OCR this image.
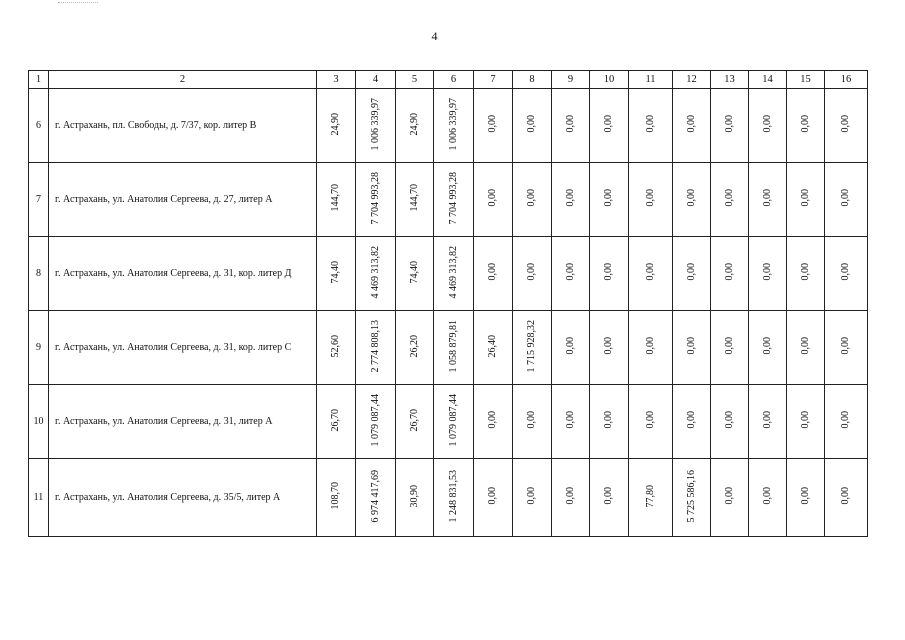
4
1	2	3	4	5	6	7	8	9	10	11	12	13	14	15	16
6	г. Астрахань, пл. Свободы, д. 7/37, кор. литер В	24,90	1 006 339,97	24,90	1 006 339,97	0,00	0,00	0,00	0,00	0,00	0,00	0,00	0,00	0,00	0,00
7	г. Астрахань, ул. Анатолия Сергеева, д. 27, литер А	144,70	7 704 993,28	144,70	7 704 993,28	0,00	0,00	0,00	0,00	0,00	0,00	0,00	0,00	0,00	0,00
8	г. Астрахань, ул. Анатолия Сергеева, д. 31, кор. литер Д	74,40	4 469 313,82	74,40	4 469 313,82	0,00	0,00	0,00	0,00	0,00	0,00	0,00	0,00	0,00	0,00
9	г. Астрахань, ул. Анатолия Сергеева, д. 31, кор. литер С	52,60	2 774 808,13	26,20	1 058 879,81	26,40	1 715 928,32	0,00	0,00	0,00	0,00	0,00	0,00	0,00	0,00
10	г. Астрахань, ул. Анатолия Сергеева, д. 31, литер А	26,70	1 079 087,44	26,70	1 079 087,44	0,00	0,00	0,00	0,00	0,00	0,00	0,00	0,00	0,00	0,00
11	г. Астрахань, ул. Анатолия Сергеева, д. 35/5, литер А	108,70	6 974 417,69	30,90	1 248 831,53	0,00	0,00	0,00	0,00	77,80	5 725 586,16	0,00	0,00	0,00	0,00
